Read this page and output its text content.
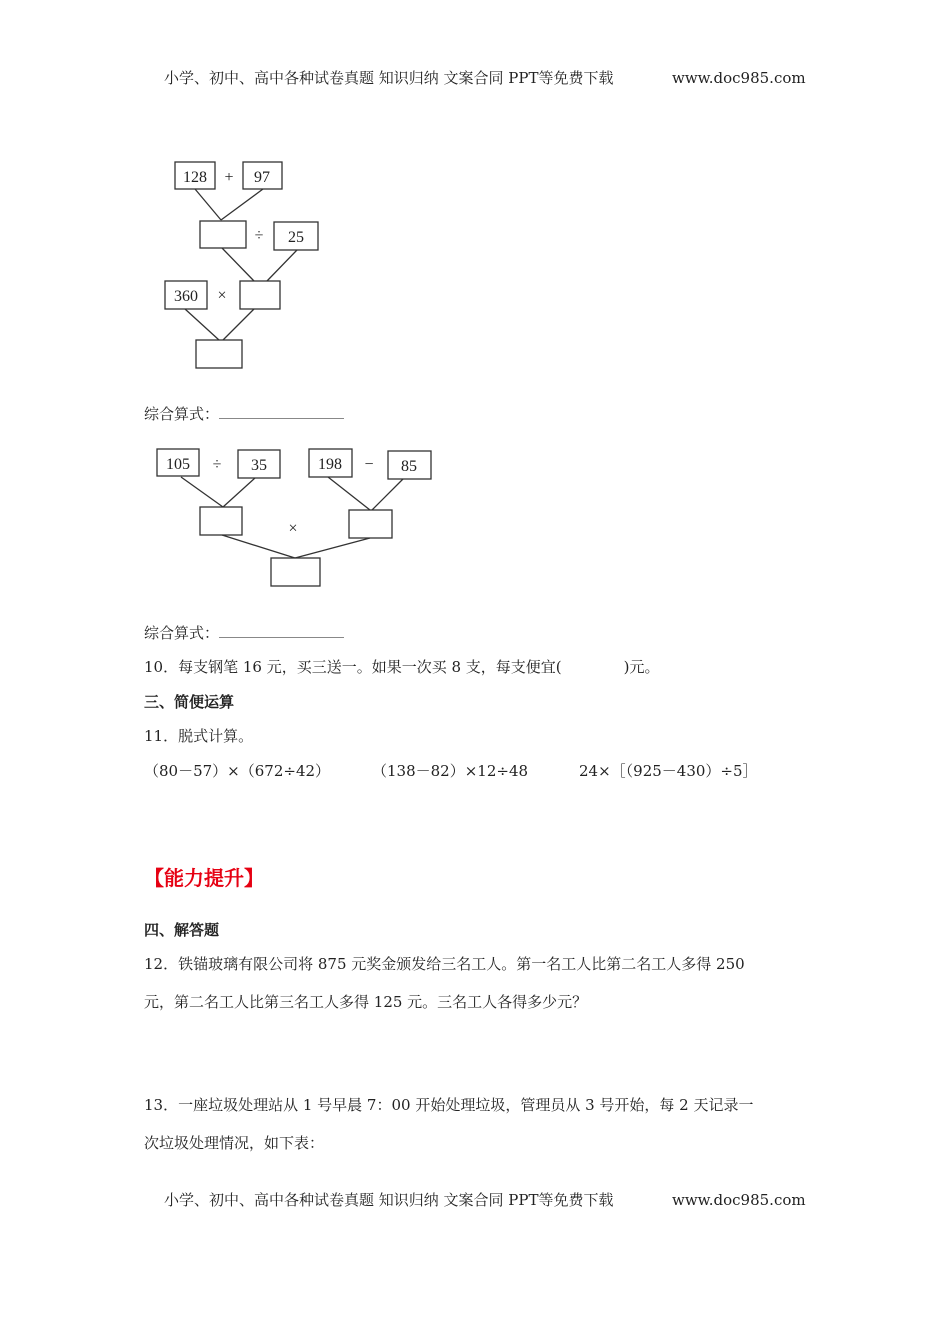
小学、初中、高中各种试卷真题 知识归纳 文案合同 PPT等免费下载	www.doc985.com
128 + 97
÷ 25
360 ×
105 ÷ 35	198 − 85
×
综合算式：
综合算式：
10．每支钢笔 16 元，买三送一。如果一次买 8 支，每支便宜(	)元。
三、简便运算
11．脱式计算。
（80－57）×（672÷42）	（138－82）×12÷48	24×［（925－430）÷5］
【能力提升】
四、解答题
12．铁锚玻璃有限公司将 875 元奖金颁发给三名工人。第一名工人比第二名工人多得 250
元，第二名工人比第三名工人多得 125 元。三名工人各得多少元？
13．一座垃圾处理站从 1 号早晨 7：00 开始处理垃圾，管理员从 3 号开始，每 2 天记录一
次垃圾处理情况，如下表：
小学、初中、高中各种试卷真题 知识归纳 文案合同 PPT等免费下载	www.doc985.com
